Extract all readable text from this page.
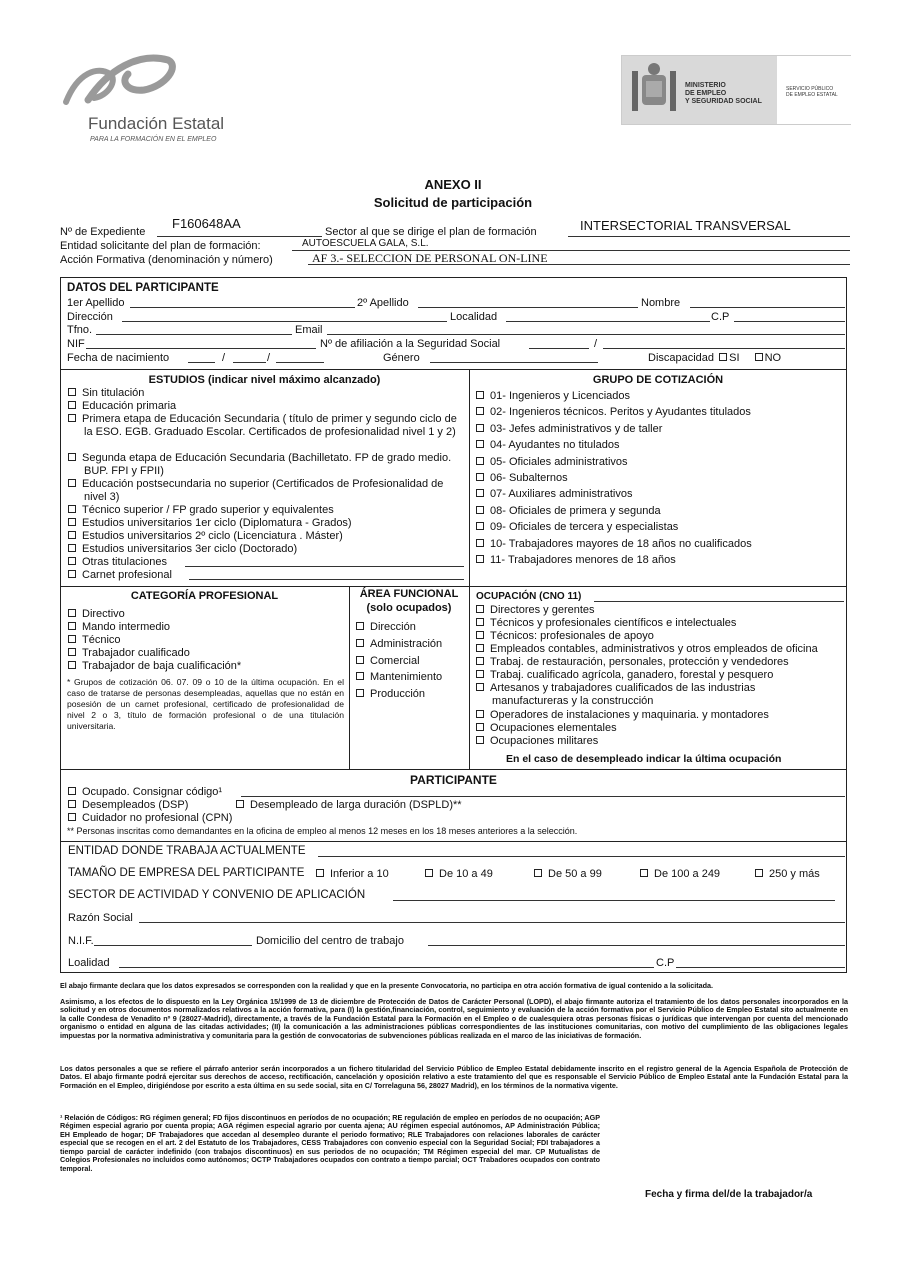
Fundación Estatal
PARA LA FORMACIÓN EN EL EMPLEO
MINISTERIO
DE EMPLEO
Y SEGURIDAD SOCIAL
SERVICIO PÚBLICO
DE EMPLEO ESTATAL
ANEXO II
Solicitud de participación
Nº de Expediente
F160648AA
Sector al que se dirige el plan de formación	INTERSECTORIAL TRANSVERSAL
Entidad solicitante del plan de formación:	AUTOESCUELA GALA, S.L.
Acción Formativa (denominación y número)	AF 3.- SELECCION DE PERSONAL ON-LINE
DATOS DEL PARTICIPANTE
1er Apellido	2º Apellido	Nombre
Dirección	Localidad	C.P
Tfno.	Email
NIF	Nº de afiliación a la Seguridad Social	/
Fecha de nacimiento	/	/	Género	Discapacidad SI NO
ESTUDIOS (indicar nivel máximo alcanzado)
Sin titulación
Educación primaria
Primera etapa de Educación Secundaria ( título de primer y segundo ciclo de la ESO. EGB. Graduado Escolar. Certificados de profesionalidad nivel 1 y 2)
Segunda etapa de Educación Secundaria (Bachilletato. FP de grado medio. BUP. FPI y FPII)
Educación postsecundaria no superior (Certificados de Profesionalidad de nivel 3)
Técnico superior / FP grado superior y equivalentes
Estudios universitarios 1er ciclo (Diplomatura - Grados)
Estudios universitarios 2º ciclo (Licenciatura . Máster)
Estudios universitarios 3er ciclo (Doctorado)
Otras titulaciones
Carnet profesional
GRUPO DE COTIZACIÓN
01- Ingenieros y Licenciados
02- Ingenieros técnicos. Peritos y Ayudantes titulados
03- Jefes administrativos y de taller
04- Ayudantes no titulados
05- Oficiales administrativos
06- Subalternos
07- Auxiliares administrativos
08- Oficiales de primera y segunda
09- Oficiales de tercera y especialistas
10- Trabajadores mayores de 18 años no cualificados
11- Trabajadores menores de 18 años
CATEGORÍA PROFESIONAL
Directivo
Mando intermedio
Técnico
Trabajador cualificado
Trabajador de baja cualificación*
* Grupos de cotización 06. 07. 09 o 10 de la última ocupación. En el caso de tratarse de personas desempleadas, aquellas que no están en posesión de un carnet profesional, certificado de profesionalidad de nivel 2 o 3, título de formación profesional o de una titulación universitaria.
ÁREA FUNCIONAL
(solo ocupados)
Dirección
Administración
Comercial
Mantenimiento
Producción
OCUPACIÓN (CNO 11)
Directores y gerentes
Técnicos y profesionales científicos e intelectuales
Técnicos: profesionales de apoyo
Empleados contables, administrativos y otros empleados de oficina
Trabaj. de restauración, personales, protección y vendedores
Trabaj. cualificado agrícola, ganadero, forestal y pesquero
Artesanos y trabajadores cualificados de las industrias manufactureras y la construcción
Operadores de instalaciones y maquinaria. y montadores
Ocupaciones elementales
Ocupaciones militares
En el caso de desempleado indicar la última ocupación
PARTICIPANTE
Ocupado. Consignar código¹
Desempleados (DSP)	Desempleado de larga duración (DSPLD)**
Cuidador no profesional (CPN)
** Personas inscritas como demandantes en la oficina de empleo al menos 12 meses en los 18 meses anteriores a la selección.
ENTIDAD DONDE TRABAJA ACTUALMENTE
TAMAÑO DE EMPRESA DEL PARTICIPANTE	Inferior a 10	De 10 a 49	De 50 a 99	De 100 a 249	250 y más
SECTOR DE ACTIVIDAD Y CONVENIO DE APLICACIÓN
Razón Social
N.I.F.	Domicilio del centro de trabajo
Loalidad	C.P
El abajo firmante declara que los datos expresados se corresponden con la realidad y que en la presente Convocatoria, no participa en otra acción formativa de igual contenido a la solicitada.
Asimismo, a los efectos de lo dispuesto en la Ley Orgánica 15/1999 de 13 de diciembre de Protección de Datos de Carácter Personal (LOPD), el abajo firmante autoriza el tratamiento de los datos personales incorporados en la solicitud y en otros documentos normalizados relativos a la acción formativa, para (I) la gestión,financiación, control, seguimiento y evaluación de la acción formativa por el Servicio Público de Empleo Estatal sito actualmente en la calle Condesa de Venadito nº 9 (28027-Madrid), directamente, a través de la Fundación Estatal para la Formación en el Empleo o de cualesquiera otras personas físicas o jurídicas que intervengan por cuenta del mencionado organismo o entidad en alguna de las citadas actividades; (II) la comunicación a las administraciones públicas correspondientes de las instituciones comunitarias, con motivo del cumplimiento de las obligaciones legales impuestas por la normativa administrativa y comunitaria para la gestión de convocatorias de subvenciones públicas realizada en el marco de las iniciativas de formación.
Los datos personales a que se refiere el párrafo anterior serán incorporados a un fichero titularidad del Servicio Público de Empleo Estatal debidamente inscrito en el registro general de la Agencia Española de Protección de Datos. El abajo firmante podrá ejercitar sus derechos de acceso, rectificación, cancelación y oposición relativo a este tratamiento del que es responsable el Servicio Público de Empleo Estatal ante la Fundación Estatal para la Formación en el Empleo, dirigiéndose por escrito a esta última en su sede social, sita en C/ Torrelaguna 56, 28027 Madrid), en los términos de la normativa vigente.
¹ Relación de Códigos: RG régimen general; FD fijos discontinuos en períodos de no ocupación; RE regulación de empleo en períodos de no ocupación; AGP Régimen especial agrario por cuenta propia; AGA régimen especial agrario por cuenta ajena; AU régimen especial autónomos, AP Administración Pública; EH Empleado de hogar; DF Trabajadores que accedan al desempleo durante el periodo formativo; RLE Trabajadores con relaciones laborales de carácter especial que se recogen en el art. 2 del Estatuto de los Trabajadores, CESS Trabajadores con convenio especial con la Seguridad Social; FDI trabajadores a tiempo parcial de carácter indefinido (con trabajos discontinuos) en sus periodos de no ocupación; TM Régimen especial del mar. CP Mutualistas de Colegios Profesionales no incluidos como autónomos; OCTP Trabajadores ocupados con contrato a tiempo parcial; OCT Trabadores ocupados con contrato temporal.
Fecha y firma del/de la trabajador/a
